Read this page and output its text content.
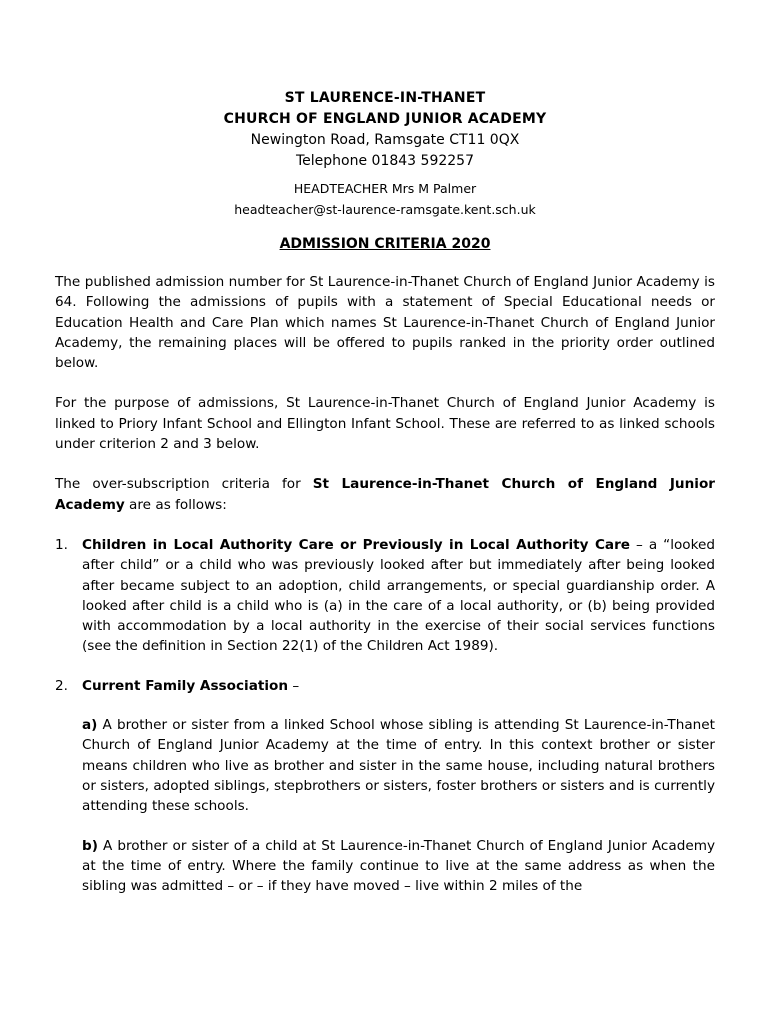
ST LAURENCE-IN-THANET
CHURCH OF ENGLAND JUNIOR ACADEMY
Newington Road, Ramsgate CT11 0QX
Telephone 01843 592257
HEADTEACHER Mrs M Palmer
headteacher@st-laurence-ramsgate.kent.sch.uk
ADMISSION CRITERIA 2020

The published admission number for St Laurence-in-Thanet Church of England Junior Academy is 64. Following the admissions of pupils with a statement of Special Educational needs or Education Health and Care Plan which names St Laurence-in-Thanet Church of England Junior Academy, the remaining places will be offered to pupils ranked in the priority order outlined below.

For the purpose of admissions, St Laurence-in-Thanet Church of England Junior Academy is linked to Priory Infant School and Ellington Infant School. These are referred to as linked schools under criterion 2 and 3 below.

The over-subscription criteria for St Laurence-in-Thanet Church of England Junior Academy are as follows:

1. Children in Local Authority Care or Previously in Local Authority Care – a “looked after child” or a child who was previously looked after but immediately after being looked after became subject to an adoption, child arrangements, or special guardianship order. A looked after child is a child who is (a) in the care of a local authority, or (b) being provided with accommodation by a local authority in the exercise of their social services functions (see the definition in Section 22(1) of the Children Act 1989).
2. Current Family Association –
a) A brother or sister from a linked School whose sibling is attending St Laurence-in-Thanet Church of England Junior Academy at the time of entry. In this context brother or sister means children who live as brother and sister in the same house, including natural brothers or sisters, adopted siblings, stepbrothers or sisters, foster brothers or sisters and is currently attending these schools.
b) A brother or sister of a child at St Laurence-in-Thanet Church of England Junior Academy at the time of entry. Where the family continue to live at the same address as when the sibling was admitted – or – if they have moved – live within 2 miles of the
